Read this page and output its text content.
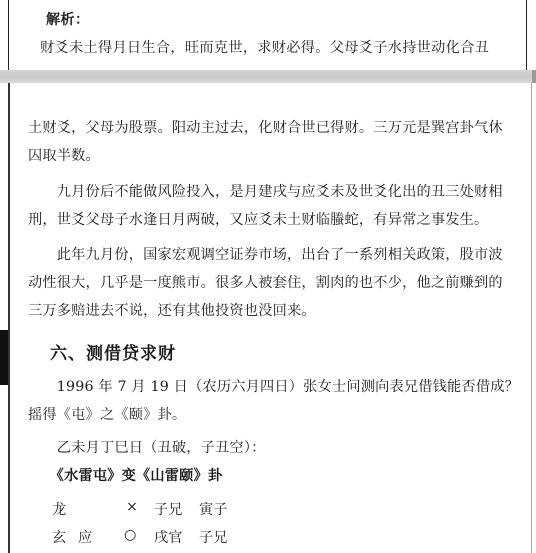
解析：
财爻未土得月日生合，旺而克世，求财必得。父母爻子水持世动化合丑
土财爻，父母为股票。阳动主过去，化财合世已得财。三万元是巽宫卦气休
囚取半数。
　　九月份后不能做风险投入，是月建戌与应爻未及世爻化出的丑三处财相
刑，世爻父母子水逢日月两破，又应爻未土财临螣蛇，有异常之事发生。
　　此年九月份，国家宏观调空证券市场，出台了一系列相关政策，股市波
动性很大，几乎是一度熊市。很多人被套住，割肉的也不少，他之前赚到的
三万多赔进去不说，还有其他投资也没回来。
六、测借贷求财
　　1996 年 7 月 19 日（农历六月四日）张女士问测向表兄借钱能否借成？
摇得《屯》之《颐》卦。
　　乙未月丁巳日（丑破，子丑空）：
　　《水雷屯》变《山雷颐》卦
龙	× 子兄 寅子
玄 应 ○ 戌官 子兄
